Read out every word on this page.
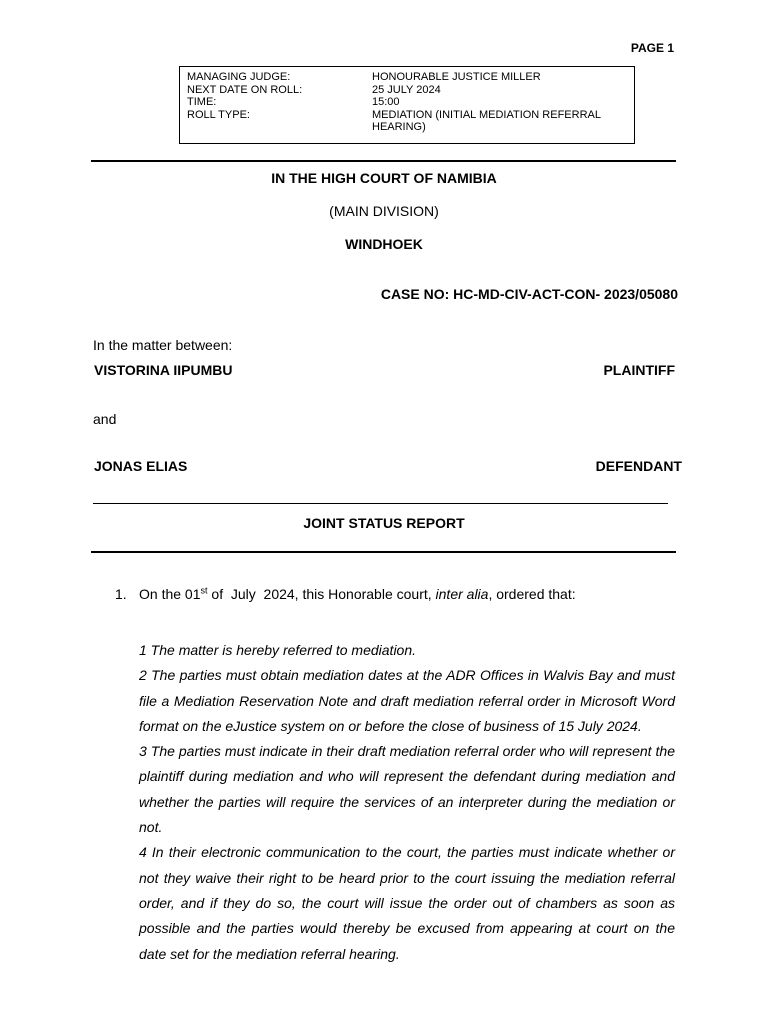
PAGE 1
MANAGING JUDGE:	HONOURABLE JUSTICE MILLER
NEXT DATE ON ROLL:	25 JULY 2024
TIME:	15:00
ROLL TYPE:	MEDIATION (INITIAL MEDIATION REFERRAL HEARING)
IN THE HIGH COURT OF NAMIBIA
(MAIN DIVISION)
WINDHOEK
CASE NO: HC-MD-CIV-ACT-CON- 2023/05080
In the matter between:
VISTORINA IIPUMBU	PLAINTIFF
and
JONAS ELIAS	DEFENDANT
JOINT STATUS REPORT
1. On the 01st of  July  2024, this Honorable court, inter alia, ordered that:

1 The matter is hereby referred to mediation.

2 The parties must obtain mediation dates at the ADR Offices in Walvis Bay and must file a Mediation Reservation Note and draft mediation referral order in Microsoft Word format on the eJustice system on or before the close of business of 15 July 2024.

3 The parties must indicate in their draft mediation referral order who will represent the plaintiff during mediation and who will represent the defendant during mediation and whether the parties will require the services of an interpreter during the mediation or not.

4 In their electronic communication to the court, the parties must indicate whether or not they waive their right to be heard prior to the court issuing the mediation referral order, and if they do so, the court will issue the order out of chambers as soon as possible and the parties would thereby be excused from appearing at court on the date set for the mediation referral hearing.
